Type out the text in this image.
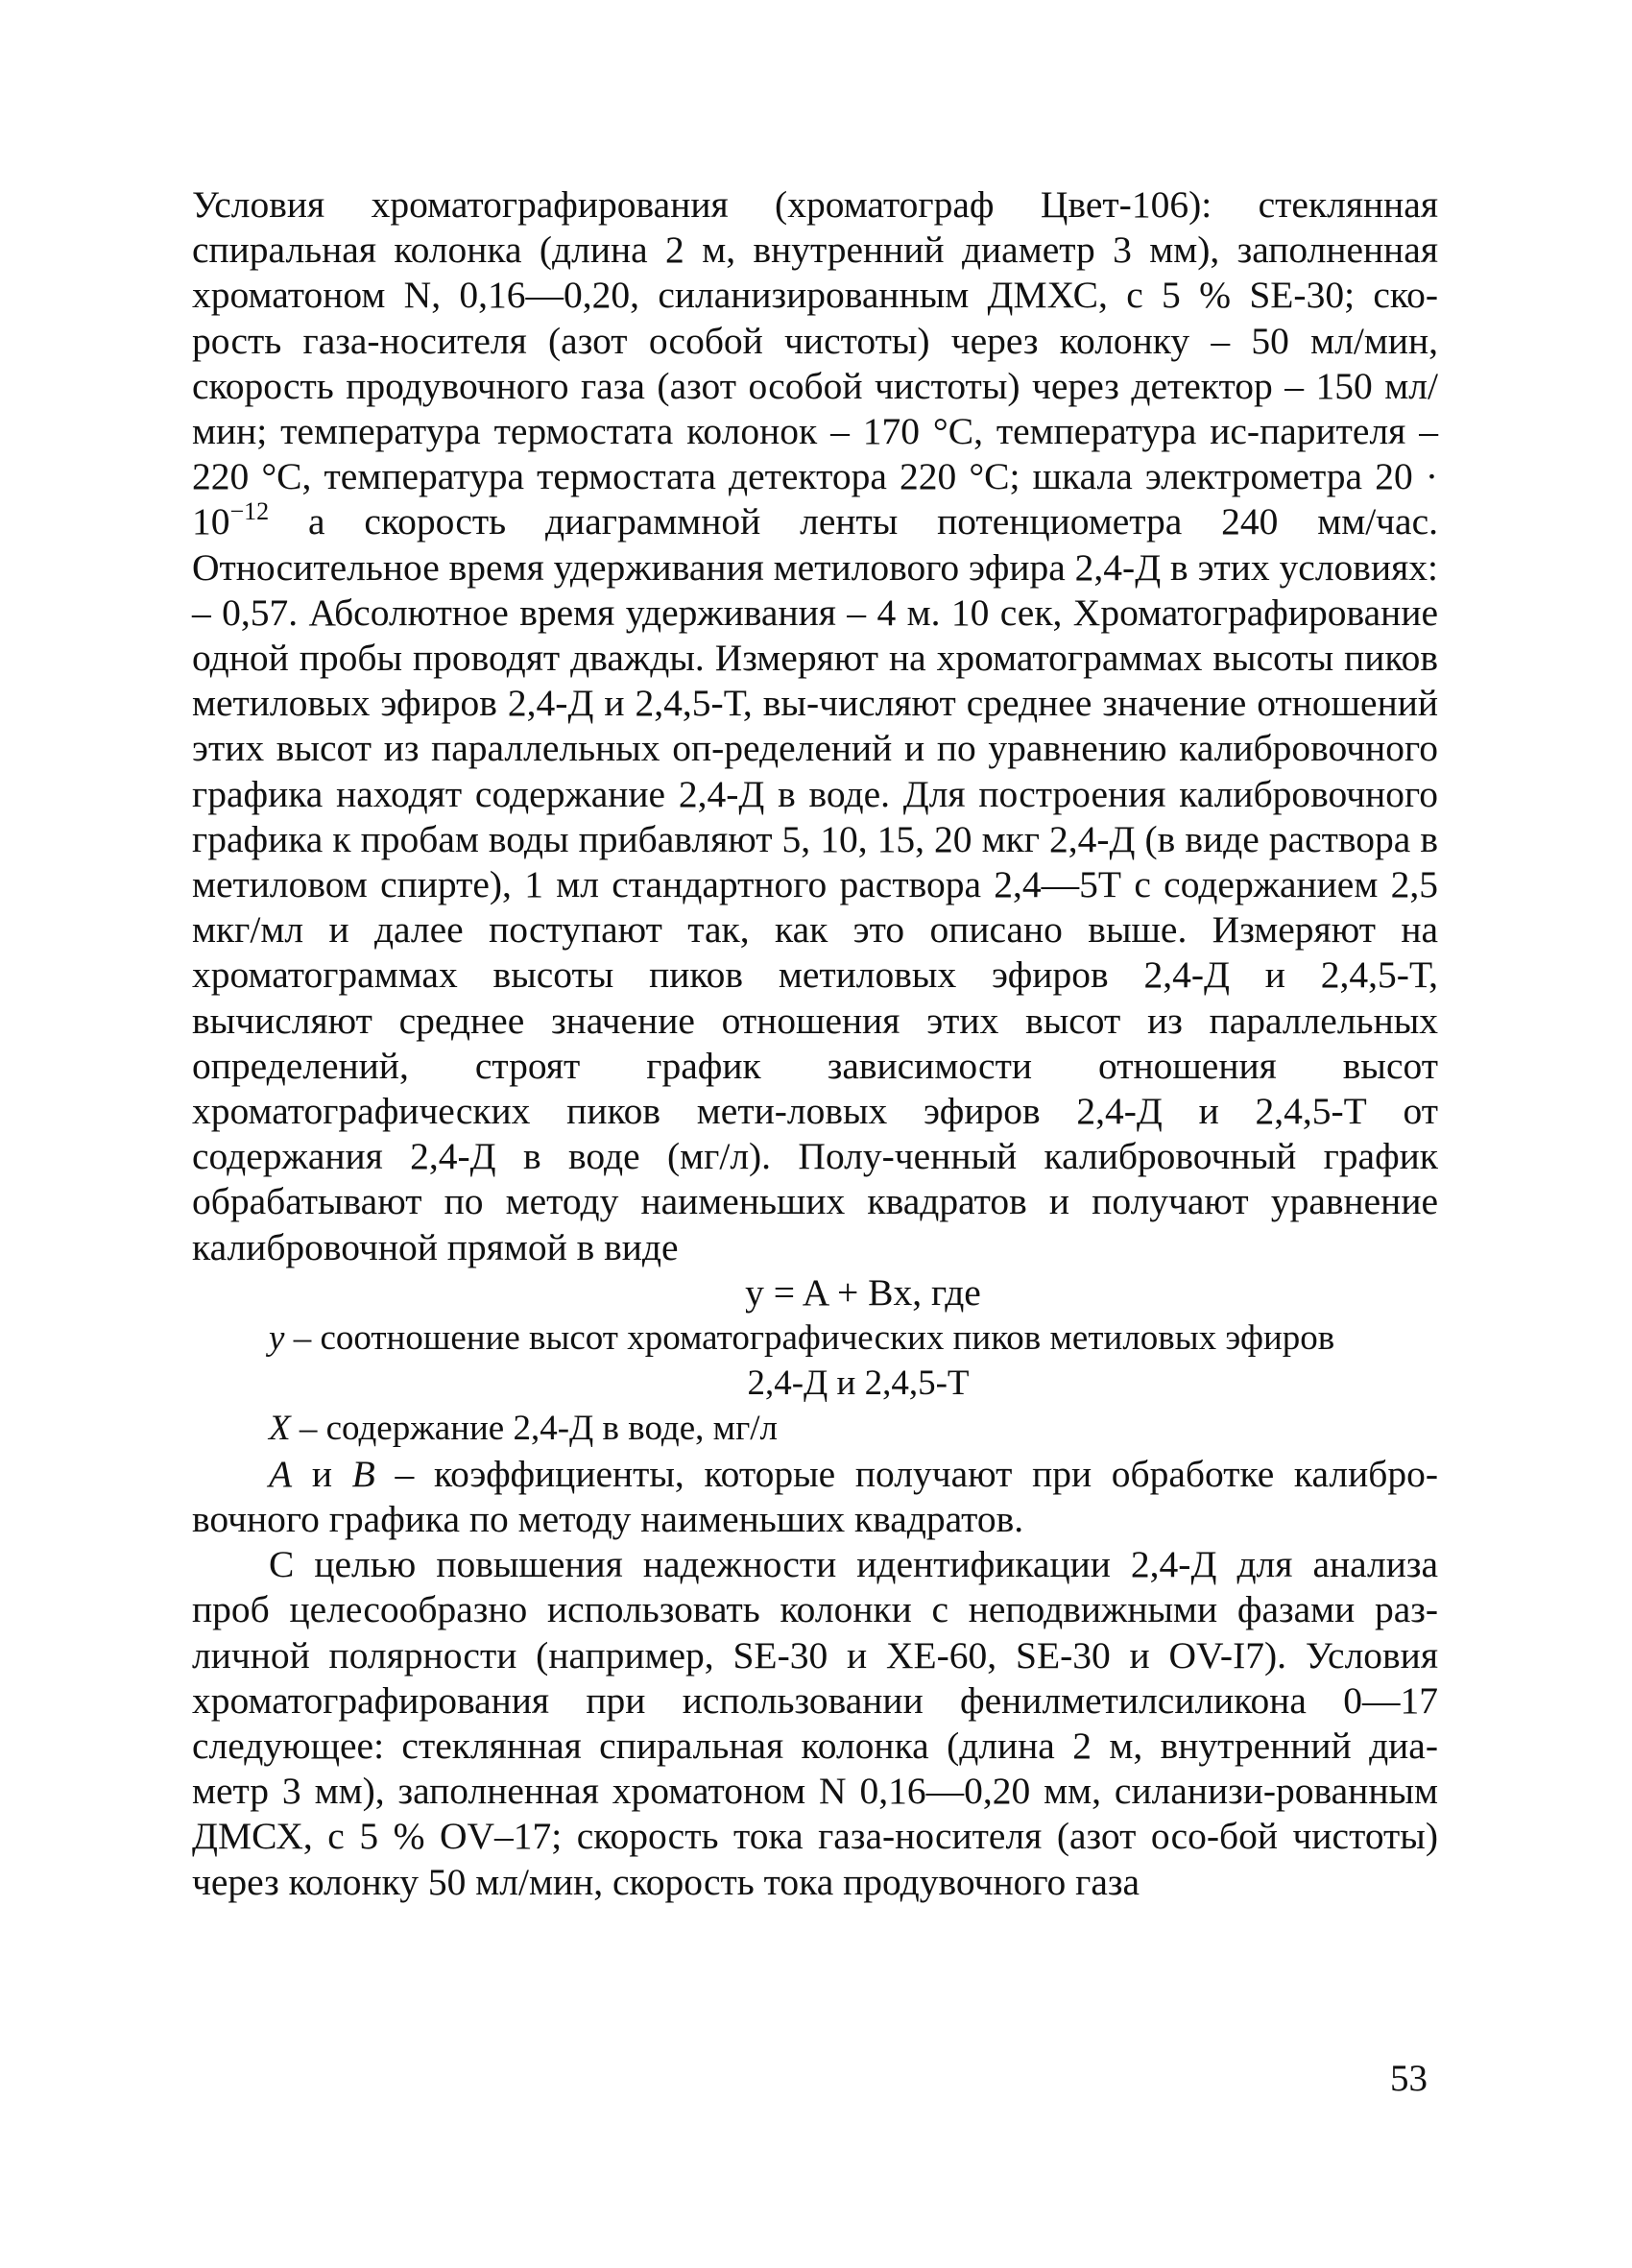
Условия хроматографирования (хроматограф Цвет-106): стеклянная спиральная колонка (длина 2 м, внутренний диаметр 3 мм), заполненная хроматоном N, 0,16—0,20, силанизированным ДМХС, с 5 % SE-30; ско-рость газа-носителя (азот особой чистоты) через колонку – 50 мл/мин, скорость продувочного газа (азот особой чистоты) через детектор – 150 мл/мин; температура термостата колонок – 170 °С, температура ис-парителя – 220 °С, температура термостата детектора 220 °С; шкала электрометра $20 \cdot 10^{-12}$ а скорость диаграммной ленты потенциометра 240 мм/час. Относительное время удерживания метилового эфира 2,4-Д в этих условиях: – 0,57. Абсолютное время удерживания – 4 м. 10 сек, Хроматографирование одной пробы проводят дважды. Измеряют на хроматограммах высоты пиков метиловых эфиров 2,4-Д и 2,4,5-Т, вы-числяют среднее значение отношений этих высот из параллельных оп-ределений и по уравнению калибровочного графика находят содержание 2,4-Д в воде. Для построения калибровочного графика к пробам воды прибавляют 5, 10, 15, 20 мкг 2,4-Д (в виде раствора в метиловом спирте), 1 мл стандартного раствора 2,4—5Т с содержанием 2,5 мкг/мл и далее поступают так, как это описано выше. Измеряют на хроматограммах высоты пиков метиловых эфиров 2,4-Д и 2,4,5-Т, вычисляют среднее значение отношения этих высот из параллельных определений, строят график зависимости отношения высот хроматографических пиков мети-ловых эфиров 2,4-Д и 2,4,5-Т от содержания 2,4-Д в воде (мг/л). Полу-ченный калибровочный график обрабатывают по методу наименьших квадратов и получают уравнение калибровочной прямой в виде

y = A + Bx, где

y – соотношение высот хроматографических пиков метиловых эфиров

2,4-Д и 2,4,5-Т

X – содержание 2,4-Д в воде, мг/л

A и B – коэффициенты, которые получают при обработке калибро-вочного графика по методу наименьших квадратов.

С целью повышения надежности идентификации 2,4-Д для анализа проб целесообразно использовать колонки с неподвижными фазами раз-личной полярности (например, SE-30 и XE-60, SE-30 и OV-I7). Условия хроматографирования при использовании фенилметилсиликона 0—17 следующее: стеклянная спиральная колонка (длина 2 м, внутренний диа-метр 3 мм), заполненная хроматоном N 0,16—0,20 мм, силанизи-рованным ДМСХ, с 5 % OV–17; скорость тока газа-носителя (азот осо-бой чистоты) через колонку 50 мл/мин, скорость тока продувочного газа

53
